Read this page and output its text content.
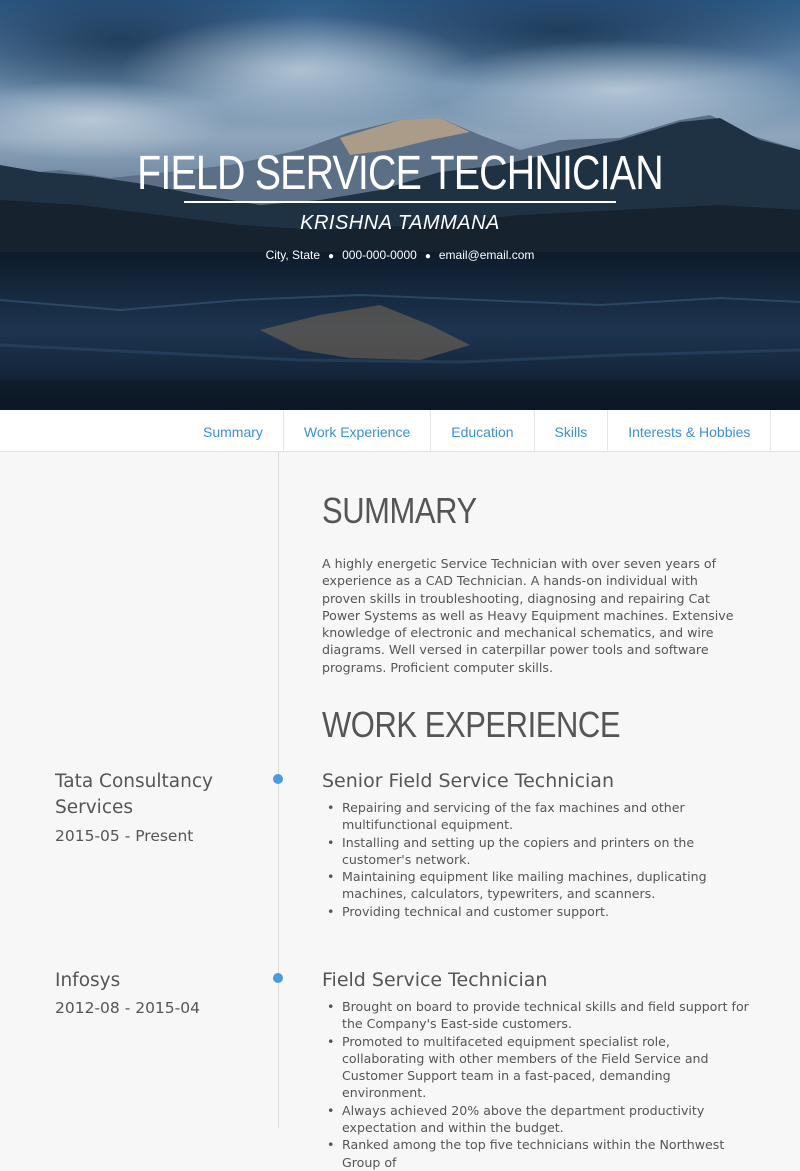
FIELD SERVICE TECHNICIAN
KRISHNA TAMMANA
City, State ● 000-000-0000 ● email@email.com
Summary	Work Experience	Education	Skills	Interests & Hobbies
SUMMARY
A highly energetic Service Technician with over seven years of experience as a CAD Technician. A hands-on individual with proven skills in troubleshooting, diagnosing and repairing Cat Power Systems as well as Heavy Equipment machines. Extensive knowledge of electronic and mechanical schematics, and wire diagrams. Well versed in caterpillar power tools and software programs. Proficient computer skills.
WORK EXPERIENCE
Tata Consultancy Services
2015-05 - Present
Senior Field Service Technician
• Repairing and servicing of the fax machines and other multifunctional equipment.
• Installing and setting up the copiers and printers on the customer's network.
• Maintaining equipment like mailing machines, duplicating machines, calculators, typewriters, and scanners.
• Providing technical and customer support.
Infosys
2012-08 - 2015-04
Field Service Technician
• Brought on board to provide technical skills and field support for the Company's East-side customers.
• Promoted to multifaceted equipment specialist role, collaborating with other members of the Field Service and Customer Support team in a fast-paced, demanding environment.
• Always achieved 20% above the department productivity expectation and within the budget.
• Ranked among the top five technicians within the Northwest Group of
